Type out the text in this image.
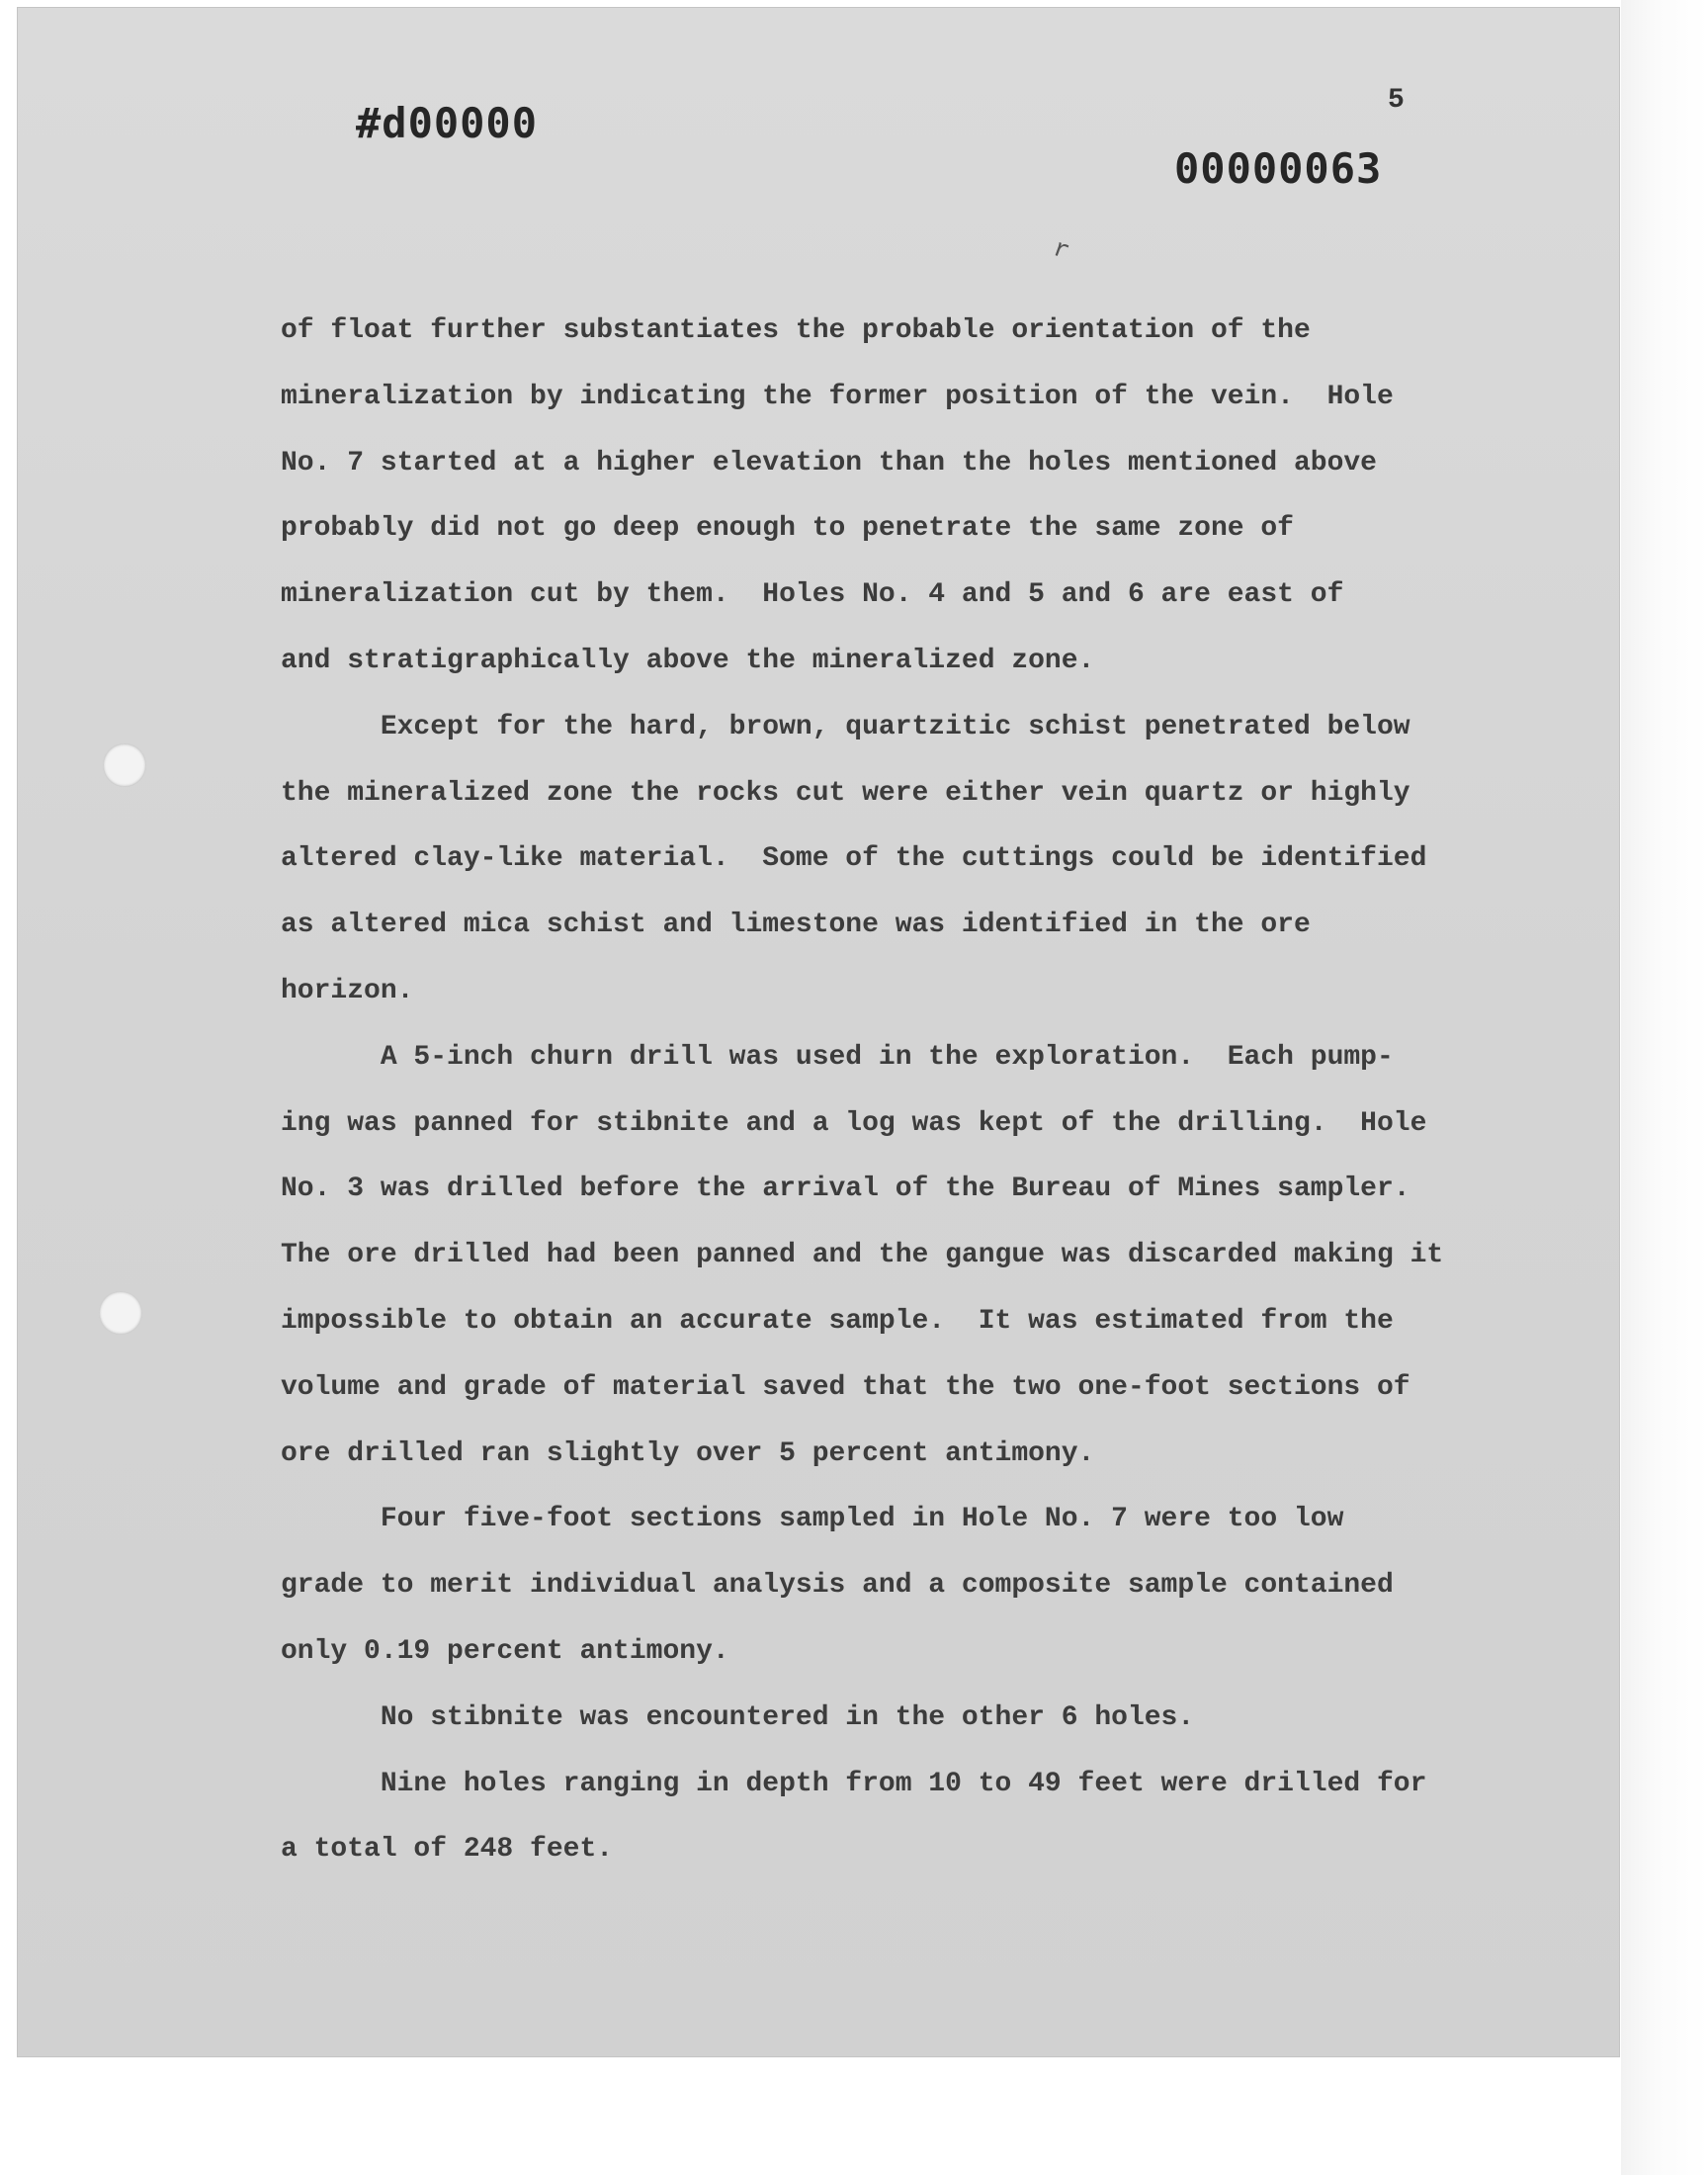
#d00000	5
00000063
r
of float further substantiates the probable orientation of the
mineralization by indicating the former position of the vein.  Hole
No. 7 started at a higher elevation than the holes mentioned above
probably did not go deep enough to penetrate the same zone of
mineralization cut by them.  Holes No. 4 and 5 and 6 are east of
and stratigraphically above the mineralized zone.
Except for the hard, brown, quartzitic schist penetrated below
the mineralized zone the rocks cut were either vein quartz or highly
altered clay-like material.  Some of the cuttings could be identified
as altered mica schist and limestone was identified in the ore
horizon.
A 5-inch churn drill was used in the exploration.  Each pump-
ing was panned for stibnite and a log was kept of the drilling.  Hole
No. 3 was drilled before the arrival of the Bureau of Mines sampler.
The ore drilled had been panned and the gangue was discarded making it
impossible to obtain an accurate sample.  It was estimated from the
volume and grade of material saved that the two one-foot sections of
ore drilled ran slightly over 5 percent antimony.
Four five-foot sections sampled in Hole No. 7 were too low
grade to merit individual analysis and a composite sample contained
only 0.19 percent antimony.
No stibnite was encountered in the other 6 holes.
Nine holes ranging in depth from 10 to 49 feet were drilled for
a total of 248 feet.
